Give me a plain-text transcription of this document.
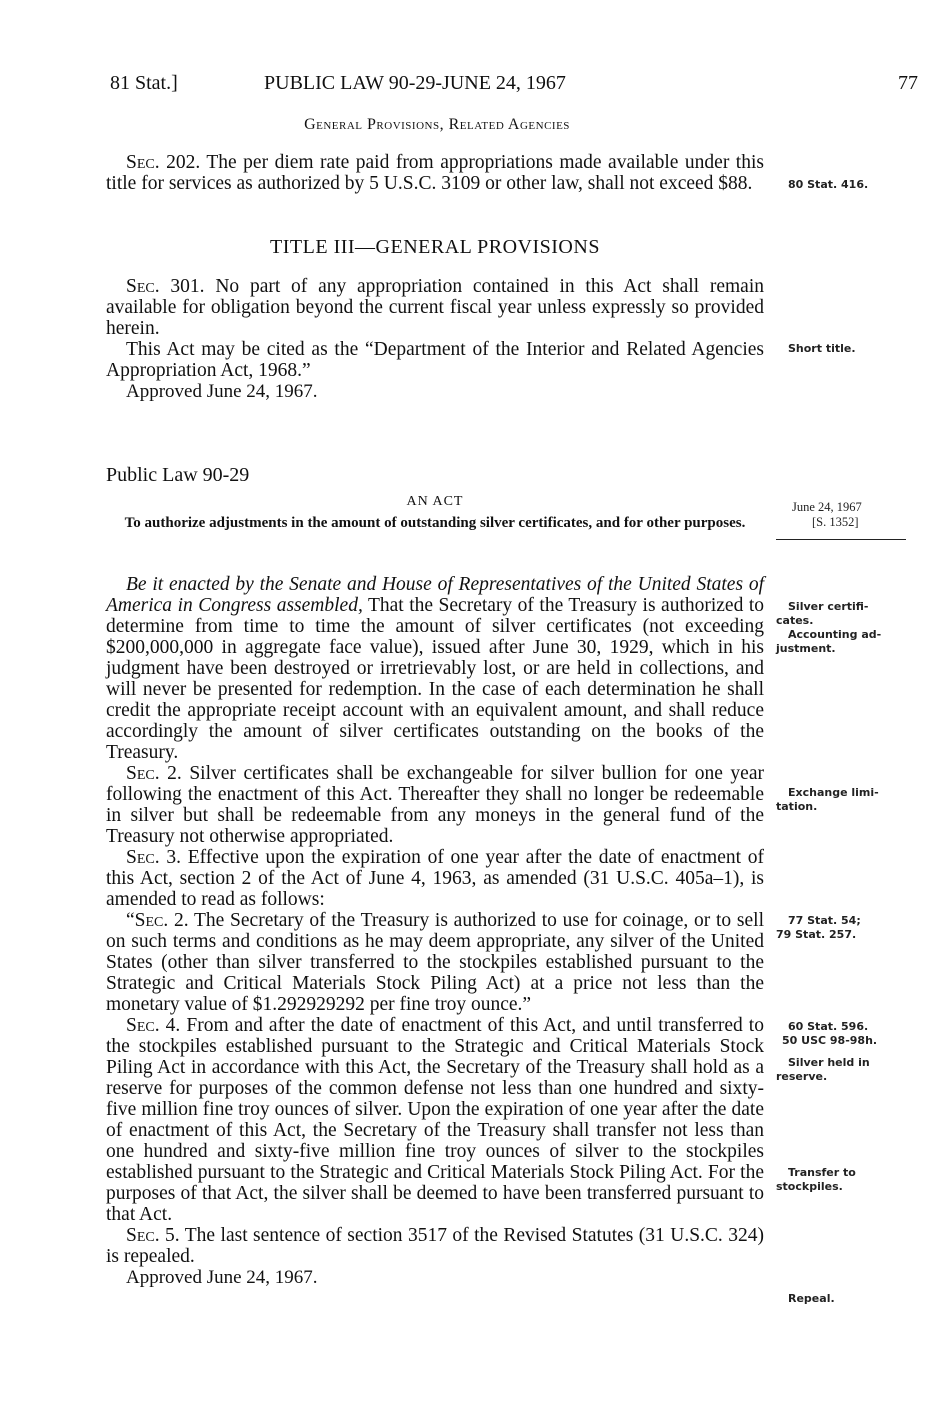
81 Stat.]	PUBLIC LAW 90-29-JUNE 24, 1967	77
General Provisions, Related Agencies

Sec. 202. The per diem rate paid from appropriations made available under this title for services as authorized by 5 U.S.C. 3109 or other law, shall not exceed $88.

TITLE III—GENERAL PROVISIONS

Sec. 301. No part of any appropriation contained in this Act shall remain available for obligation beyond the current fiscal year unless expressly so provided herein.

This Act may be cited as the “Department of the Interior and Related Agencies Appropriation Act, 1968.”

Approved June 24, 1967.

Public Law 90-29
AN ACT
To authorize adjustments in the amount of outstanding silver certificates, and for other purposes.

Be it enacted by the Senate and House of Representatives of the United States of America in Congress assembled, That the Secretary of the Treasury is authorized to determine from time to time the amount of silver certificates (not exceeding $200,000,000 in aggregate face value), issued after June 30, 1929, which in his judgment have been destroyed or irretrievably lost, or are held in collections, and will never be presented for redemption. In the case of each determination he shall credit the appropriate receipt account with an equivalent amount, and shall reduce accordingly the amount of silver certificates outstanding on the books of the Treasury.

Sec. 2. Silver certificates shall be exchangeable for silver bullion for one year following the enactment of this Act. Thereafter they shall no longer be redeemable in silver but shall be redeemable from any moneys in the general fund of the Treasury not otherwise appropriated.

Sec. 3. Effective upon the expiration of one year after the date of enactment of this Act, section 2 of the Act of June 4, 1963, as amended (31 U.S.C. 405a–1), is amended to read as follows:

“Sec. 2. The Secretary of the Treasury is authorized to use for coinage, or to sell on such terms and conditions as he may deem appropriate, any silver of the United States (other than silver transferred to the stockpiles established pursuant to the Strategic and Critical Materials Stock Piling Act) at a price not less than the monetary value of $1.292929292 per fine troy ounce.”

Sec. 4. From and after the date of enactment of this Act, and until transferred to the stockpiles established pursuant to the Strategic and Critical Materials Stock Piling Act in accordance with this Act, the Secretary of the Treasury shall hold as a reserve for purposes of the common defense not less than one hundred and sixty-five million fine troy ounces of silver. Upon the expiration of one year after the date of enactment of this Act, the Secretary of the Treasury shall transfer not less than one hundred and sixty-five million fine troy ounces of silver to the stockpiles established pursuant to the Strategic and Critical Materials Stock Piling Act. For the purposes of that Act, the silver shall be deemed to have been transferred pursuant to that Act.

Sec. 5. The last sentence of section 3517 of the Revised Statutes (31 U.S.C. 324) is repealed.

Approved June 24, 1967.

80 Stat. 416.
Short title.
June 24, 1967
[S. 1352]
Silver certifi-
cates.
Accounting ad-
justment.
Exchange limi-
tation.
77 Stat. 54;
79 Stat. 257.
60 Stat. 596.
50 USC 98-98h.
Silver held in
reserve.
Transfer to
stockpiles.
Repeal.
